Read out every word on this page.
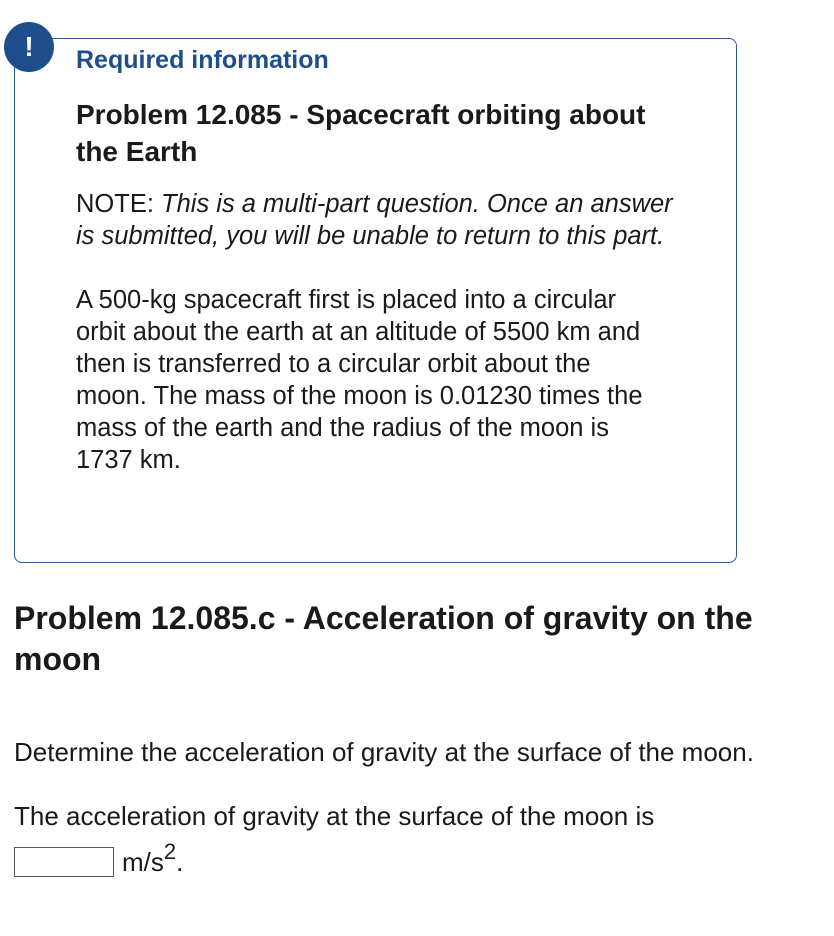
!	Required information
Problem 12.085 - Spacecraft orbiting about the Earth

NOTE: This is a multi-part question. Once an answer is submitted, you will be unable to return to this part.

A 500-kg spacecraft first is placed into a circular orbit about the earth at an altitude of 5500 km and then is transferred to a circular orbit about the moon. The mass of the moon is 0.01230 times the mass of the earth and the radius of the moon is 1737 km.

Problem 12.085.c - Acceleration of gravity on the moon

Determine the acceleration of gravity at the surface of the moon.

The acceleration of gravity at the surface of the moon is
$m/s^2$.
